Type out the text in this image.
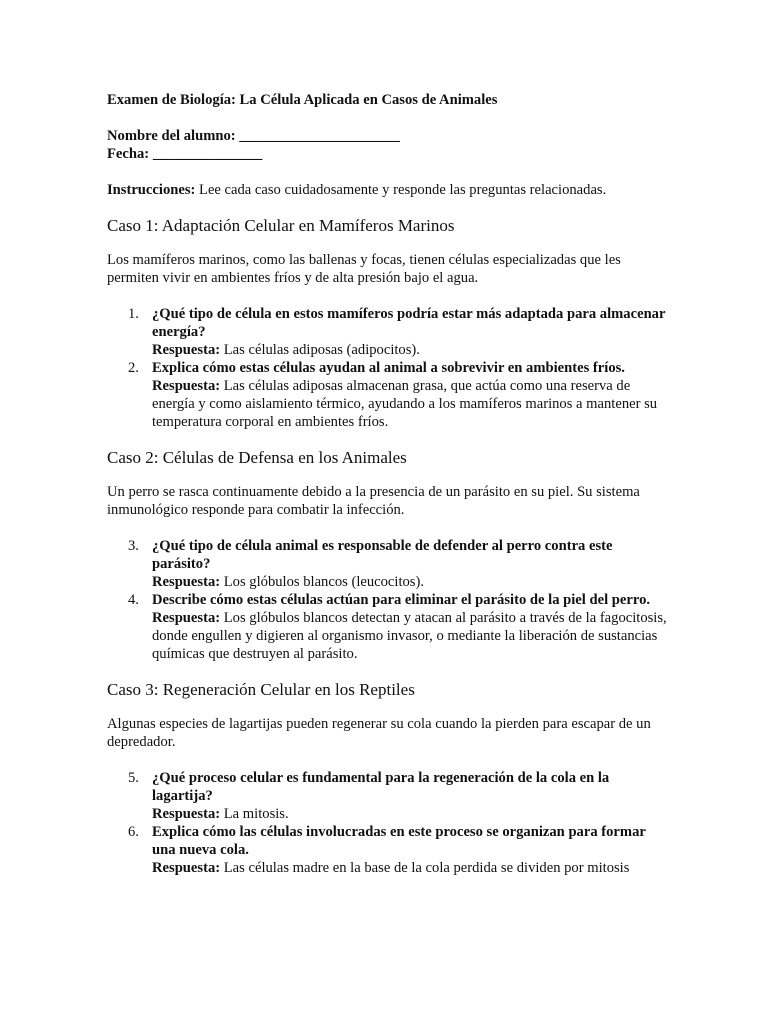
Examen de Biología: La Célula Aplicada en Casos de Animales

Nombre del alumno: ______________________

Fecha: _______________

Instrucciones: Lee cada caso cuidadosamente y responde las preguntas relacionadas.

Caso 1: Adaptación Celular en Mamíferos Marinos

Los mamíferos marinos, como las ballenas y focas, tienen células especializadas que les permiten vivir en ambientes fríos y de alta presión bajo el agua.

1. ¿Qué tipo de célula en estos mamíferos podría estar más adaptada para almacenar energía?
Respuesta: Las células adiposas (adipocitos).
2. Explica cómo estas células ayudan al animal a sobrevivir en ambientes fríos.
Respuesta: Las células adiposas almacenan grasa, que actúa como una reserva de energía y como aislamiento térmico, ayudando a los mamíferos marinos a mantener su temperatura corporal en ambientes fríos.
Caso 2: Células de Defensa en los Animales

Un perro se rasca continuamente debido a la presencia de un parásito en su piel. Su sistema inmunológico responde para combatir la infección.

3. ¿Qué tipo de célula animal es responsable de defender al perro contra este parásito?
Respuesta: Los glóbulos blancos (leucocitos).
4. Describe cómo estas células actúan para eliminar el parásito de la piel del perro.
Respuesta: Los glóbulos blancos detectan y atacan al parásito a través de la fagocitosis, donde engullen y digieren al organismo invasor, o mediante la liberación de sustancias químicas que destruyen al parásito.
Caso 3: Regeneración Celular en los Reptiles

Algunas especies de lagartijas pueden regenerar su cola cuando la pierden para escapar de un depredador.

5. ¿Qué proceso celular es fundamental para la regeneración de la cola en la lagartija?
Respuesta: La mitosis.
6. Explica cómo las células involucradas en este proceso se organizan para formar una nueva cola.
Respuesta: Las células madre en la base de la cola perdida se dividen por mitosis
